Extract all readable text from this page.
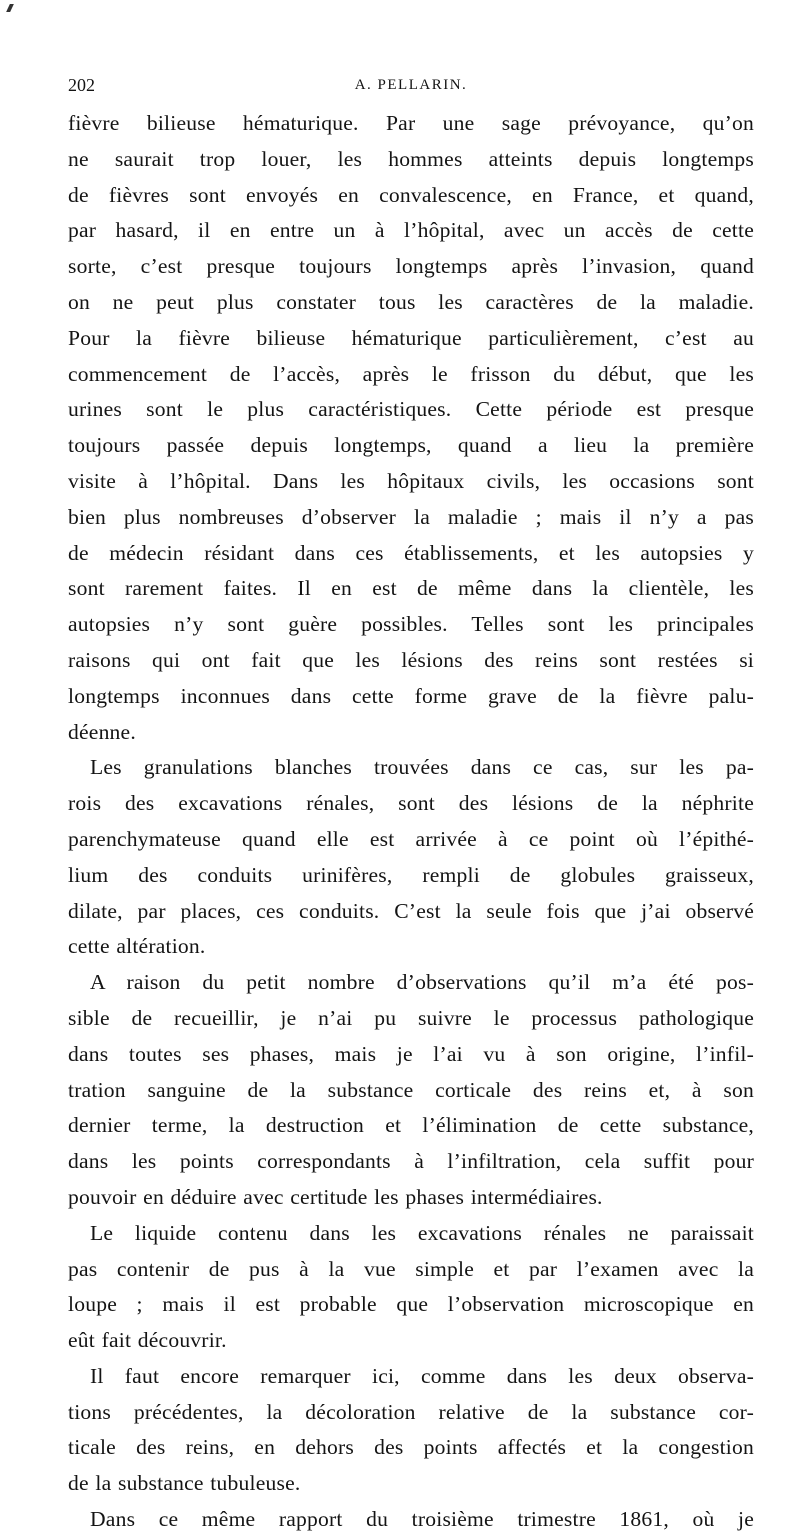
202	A. PELLARIN.
fièvre bilieuse hématurique. Par une sage prévoyance, qu’on
ne saurait trop louer, les hommes atteints depuis longtemps
de fièvres sont envoyés en convalescence, en France, et quand,
par hasard, il en entre un à l’hôpital, avec un accès de cette
sorte, c’est presque toujours longtemps après l’invasion, quand
on ne peut plus constater tous les caractères de la maladie.
Pour la fièvre bilieuse hématurique particulièrement, c’est au
commencement de l’accès, après le frisson du début, que les
urines sont le plus caractéristiques. Cette période est presque
toujours passée depuis longtemps, quand a lieu la première
visite à l’hôpital. Dans les hôpitaux civils, les occasions sont
bien plus nombreuses d’observer la maladie ; mais il n’y a pas
de médecin résidant dans ces établissements, et les autopsies y
sont rarement faites. Il en est de même dans la clientèle, les
autopsies n’y sont guère possibles. Telles sont les principales
raisons qui ont fait que les lésions des reins sont restées si
longtemps inconnues dans cette forme grave de la fièvre palu-
déenne.
Les granulations blanches trouvées dans ce cas, sur les pa-
rois des excavations rénales, sont des lésions de la néphrite
parenchymateuse quand elle est arrivée à ce point où l’épithé-
lium des conduits urinifères, rempli de globules graisseux,
dilate, par places, ces conduits. C’est la seule fois que j’ai observé
cette altération.
A raison du petit nombre d’observations qu’il m’a été pos-
sible de recueillir, je n’ai pu suivre le processus pathologique
dans toutes ses phases, mais je l’ai vu à son origine, l’infil-
tration sanguine de la substance corticale des reins et, à son
dernier terme, la destruction et l’élimination de cette substance,
dans les points correspondants à l’infiltration, cela suffit pour
pouvoir en déduire avec certitude les phases intermédiaires.
Le liquide contenu dans les excavations rénales ne paraissait
pas contenir de pus à la vue simple et par l’examen avec la
loupe ; mais il est probable que l’observation microscopique en
eût fait découvrir.
Il faut encore remarquer ici, comme dans les deux observa-
tions précédentes, la décoloration relative de la substance cor-
ticale des reins, en dehors des points affectés et la congestion
de la substance tubuleuse.
Dans ce même rapport du troisième trimestre 1861, où je
